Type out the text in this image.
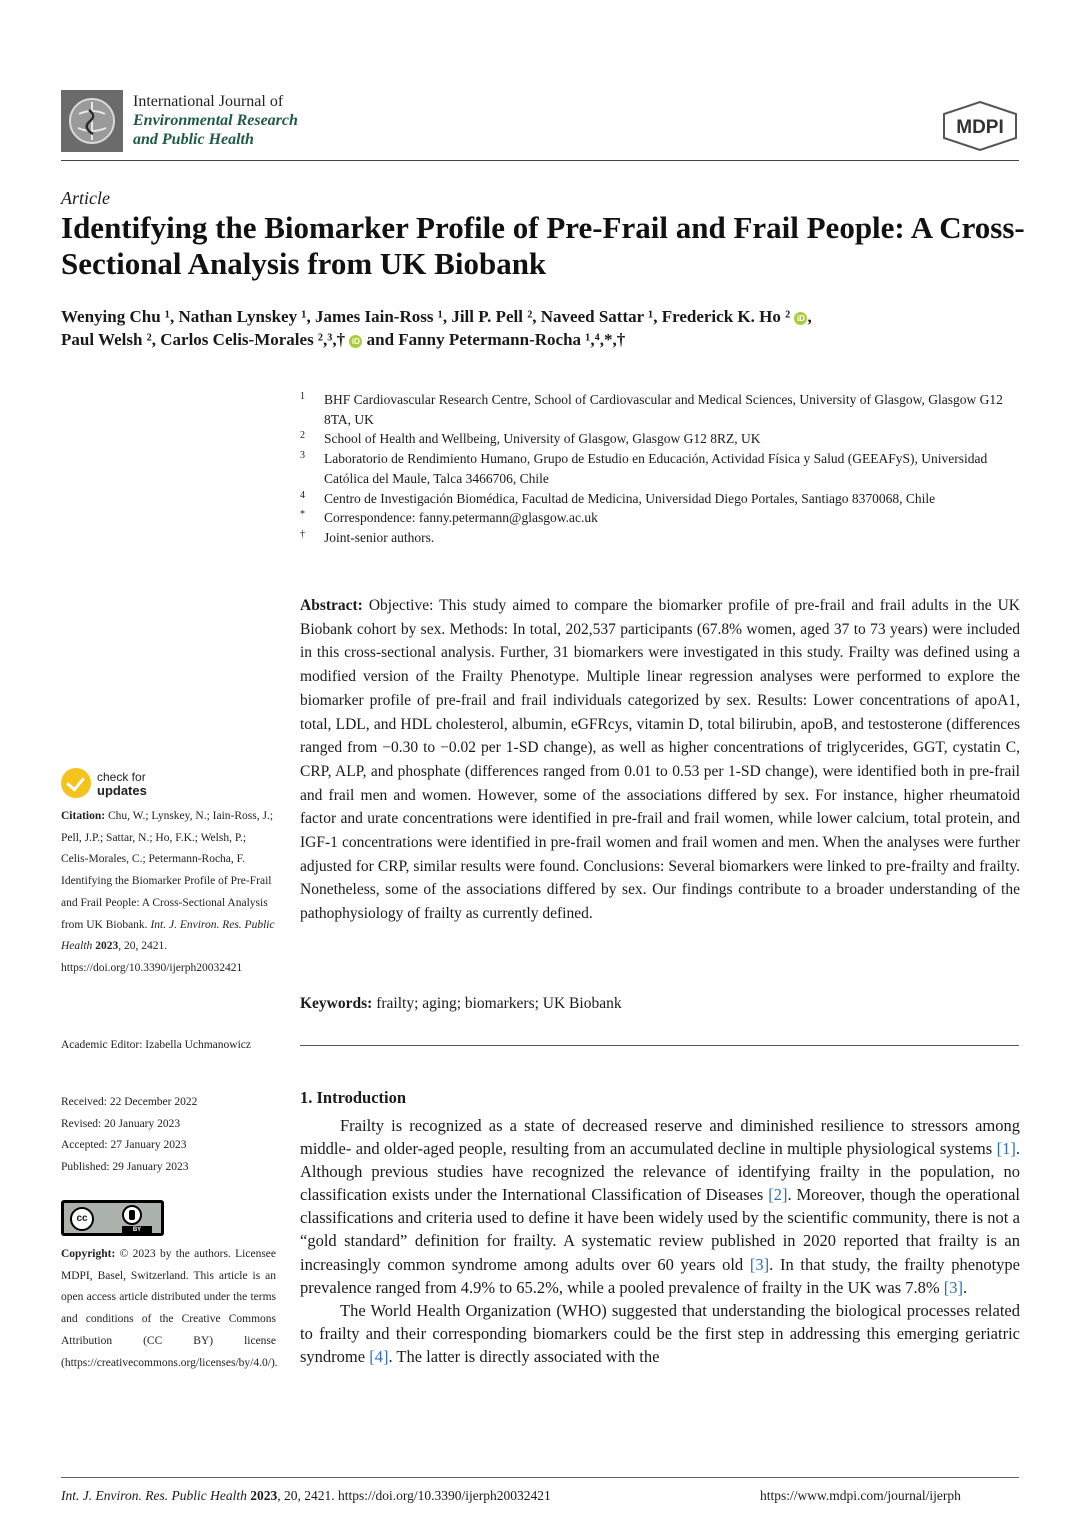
International Journal of
Environmental Research
and Public Health
MDPI
Article
Identifying the Biomarker Profile of Pre-Frail and Frail People: A Cross-Sectional Analysis from UK Biobank
Wenying Chu ¹, Nathan Lynskey ¹, James Iain-Ross ¹, Jill P. Pell ², Naveed Sattar ¹, Frederick K. Ho ² iD ,
Paul Welsh ², Carlos Celis-Morales ²,³,† iD and Fanny Petermann-Rocha ¹,⁴,*,†
1	BHF Cardiovascular Research Centre, School of Cardiovascular and Medical Sciences, University of Glasgow, Glasgow G12 8TA, UK
2	School of Health and Wellbeing, University of Glasgow, Glasgow G12 8RZ, UK
3	Laboratorio de Rendimiento Humano, Grupo de Estudio en Educación, Actividad Física y Salud (GEEAFyS), Universidad Católica del Maule, Talca 3466706, Chile
4	Centro de Investigación Biomédica, Facultad de Medicina, Universidad Diego Portales, Santiago 8370068, Chile
*	Correspondence: fanny.petermann@glasgow.ac.uk
†	Joint-senior authors.
Abstract: Objective: This study aimed to compare the biomarker profile of pre-frail and frail adults in the UK Biobank cohort by sex. Methods: In total, 202,537 participants (67.8% women, aged 37 to 73 years) were included in this cross-sectional analysis. Further, 31 biomarkers were investigated in this study. Frailty was defined using a modified version of the Frailty Phenotype. Multiple linear regression analyses were performed to explore the biomarker profile of pre-frail and frail individuals categorized by sex. Results: Lower concentrations of apoA1, total, LDL, and HDL cholesterol, albumin, eGFRcys, vitamin D, total bilirubin, apoB, and testosterone (differences ranged from −0.30 to −0.02 per 1-SD change), as well as higher concentrations of triglycerides, GGT, cystatin C, CRP, ALP, and phosphate (differences ranged from 0.01 to 0.53 per 1-SD change), were identified both in pre-frail and frail men and women. However, some of the associations differed by sex. For instance, higher rheumatoid factor and urate concentrations were identified in pre-frail and frail women, while lower calcium, total protein, and IGF-1 concentrations were identified in pre-frail women and frail women and men. When the analyses were further adjusted for CRP, similar results were found. Conclusions: Several biomarkers were linked to pre-frailty and frailty. Nonetheless, some of the associations differed by sex. Our findings contribute to a broader understanding of the pathophysiology of frailty as currently defined.
Keywords: frailty; aging; biomarkers; UK Biobank
1. Introduction

Frailty is recognized as a state of decreased reserve and diminished resilience to stressors among middle- and older-aged people, resulting from an accumulated decline in multiple physiological systems [1]. Although previous studies have recognized the relevance of identifying frailty in the population, no classification exists under the International Classification of Diseases [2]. Moreover, though the operational classifications and criteria used to define it have been widely used by the scientific community, there is not a “gold standard” definition for frailty. A systematic review published in 2020 reported that frailty is an increasingly common syndrome among adults over 60 years old [3]. In that study, the frailty phenotype prevalence ranged from 4.9% to 65.2%, while a pooled prevalence of frailty in the UK was 7.8% [3].

The World Health Organization (WHO) suggested that understanding the biological processes related to frailty and their corresponding biomarkers could be the first step in addressing this emerging geriatric syndrome [4]. The latter is directly associated with the

check for
updates
Citation: Chu, W.; Lynskey, N.; Iain-Ross, J.; Pell, J.P.; Sattar, N.; Ho, F.K.; Welsh, P.; Celis-Morales, C.; Petermann-Rocha, F. Identifying the Biomarker Profile of Pre-Frail and Frail People: A Cross-Sectional Analysis from UK Biobank. Int. J. Environ. Res. Public Health 2023, 20, 2421. https://doi.org/10.3390/ijerph20032421
Academic Editor: Izabella Uchmanowicz
Received: 22 December 2022
Revised: 20 January 2023
Accepted: 27 January 2023
Published: 29 January 2023
cc
BY
Copyright: © 2023 by the authors. Licensee MDPI, Basel, Switzerland. This article is an open access article distributed under the terms and conditions of the Creative Commons Attribution (CC BY) license (https://creativecommons.org/licenses/by/4.0/).
Int. J. Environ. Res. Public Health 2023, 20, 2421. https://doi.org/10.3390/ijerph20032421	https://www.mdpi.com/journal/ijerph
